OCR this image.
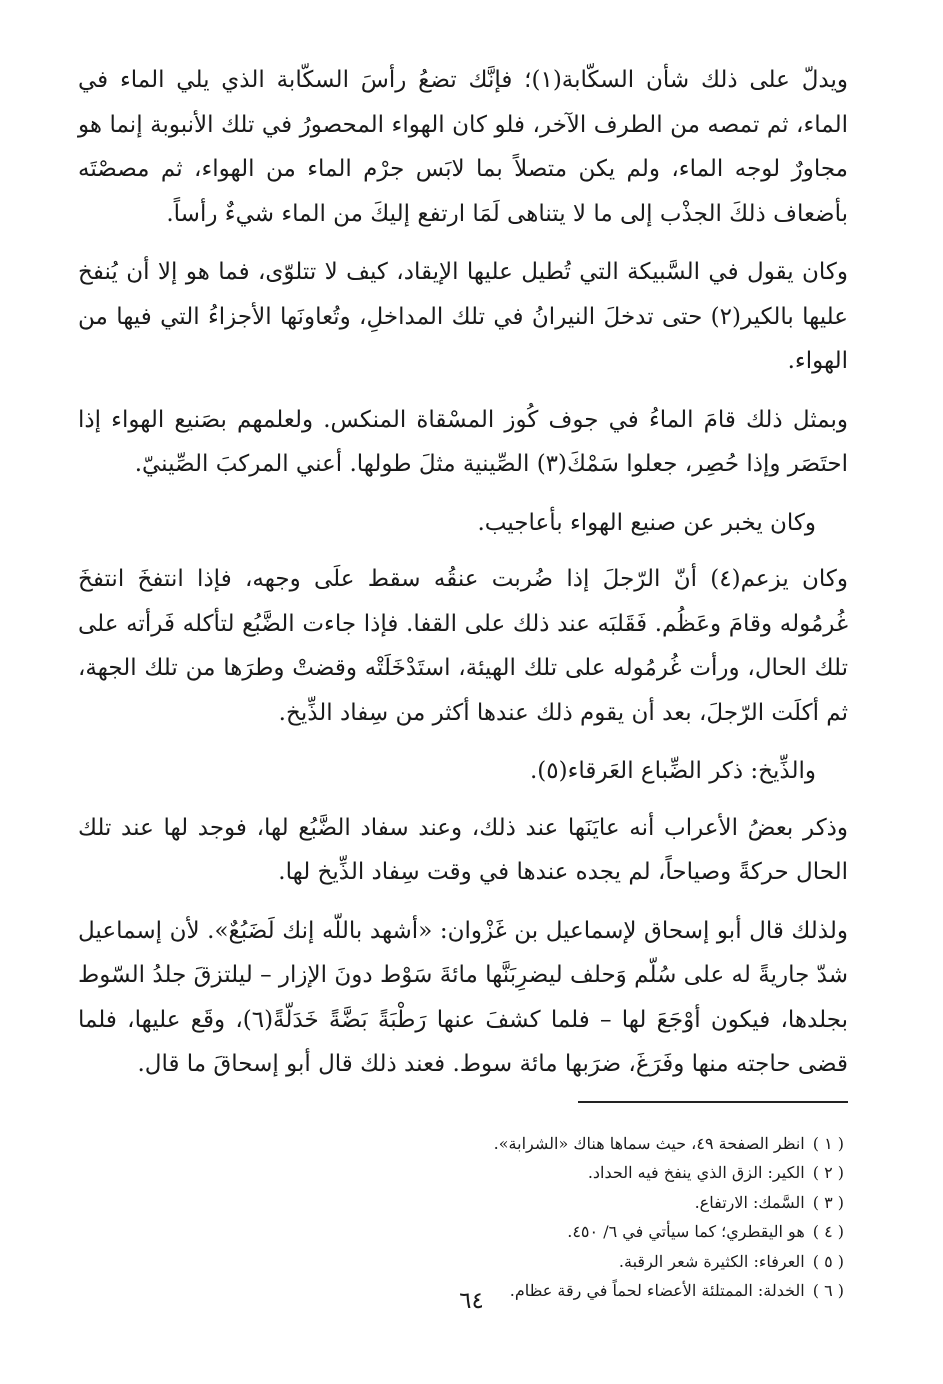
ويدلّ على ذلك شأن السكّابة(١)؛ فإنَّك تضعُ رأسَ السكّابة الذي يلي الماء في الماء، ثم تمصه من الطرف الآخر، فلو كان الهواء المحصورُ في تلك الأنبوبة إنما هو مجاورٌ لوجه الماء، ولم يكن متصلاً بما لابَس جرْم الماء من الهواء، ثم مصصْتَه بأضعاف ذلكَ الجذْب إلى ما لا يتناهى لَمَا ارتفع إليكَ من الماء شيءٌ رأساً.

وكان يقول في السَّبيكة التي تُطيل عليها الإيقاد، كيف لا تتلوّى، فما هو إلا أن يُنفخ عليها بالكير(٢) حتى تدخلَ النيرانُ في تلك المداخلِ، وتُعاونَها الأجزاءُ التي فيها من الهواء.

وبمثل ذلك قامَ الماءُ في جوف كُوز المسْقاة المنكس. ولعلمهم بصَنيع الهواء إذا احتَصَر وإذا حُصِر، جعلوا سَمْكَ(٣) الصِّينية مثلَ طولها. أعني المركبَ الصِّينيّ.

وكان يخبر عن صنيع الهواء بأعاجيب.

وكان يزعم(٤) أنّ الرّجلَ إذا ضُربت عنقُه سقط علَى وجهه، فإذا انتفخَ انتفخَ غُرمُوله وقامَ وعَظُم. فَقَلبَه عند ذلك على القفا. فإذا جاءت الضَّبُع لتأكله فَرأته على تلك الحال، ورأت غُرمُوله على تلك الهيئة، استَدْخَلَتْه وقضتْ وطرَها من تلك الجهة، ثم أكلَت الرّجلَ، بعد أن يقوم ذلك عندها أكثر من سِفاد الذِّيخ.

والذِّيخ: ذكر الضِّباع العَرقاء(٥).

وذكر بعضُ الأعراب أنه عايَنَها عند ذلك، وعند سفاد الضَّبُع لها، فوجد لها عند تلك الحال حركةً وصياحاً، لم يجده عندها في وقت سِفاد الذِّيخ لها.

ولذلك قال أبو إسحاق لإسماعيل بن غَزْوان: «أشهد باللّه إنك لَضَبُعٌ». لأن إسماعيل شدّ جاريةً له على سُلّم وَحلف ليضرِبَنَّها مائةَ سَوْط دونَ الإزار – ليلتزقَ جلدُ السّوط بجلدها، فيكون أوْجَعَ لها – فلما كشفَ عنها رَطْبَةً بَضَّةً خَدَلّةً(٦)، وقَع عليها، فلما قضى حاجته منها وفَرَغَ، ضرَبها مائة سوط. فعند ذلك قال أبو إسحاقَ ما قال.

( ١ )انظر الصفحة ٤٩، حيث سماها هناك «الشرابة».
( ٢ )الكير: الزق الذي ينفخ فيه الحداد.
( ٣ )السَّمك: الارتفاع.
( ٤ )هو اليقطري؛ كما سيأتي في ٦/ ٤٥٠.
( ٥ )العرفاء: الكثيرة شعر الرقبة.
( ٦ )الخدلة: الممتلئة الأعضاء لحماً في رقة عظام.
٦٤
